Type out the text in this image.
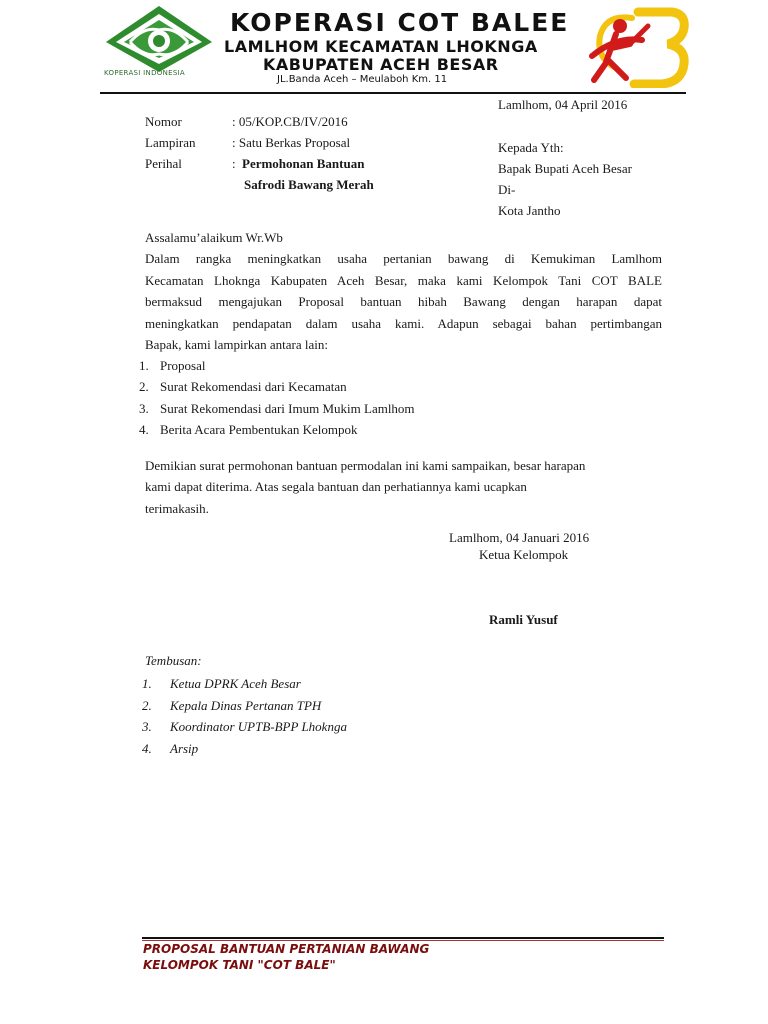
KOPERASI INDONESIA
KOPERASI COT BALEE
LAMLHOM KECAMATAN LHOKNGA
KABUPATEN ACEH BESAR
JL.Banda Aceh – Meulaboh Km. 11
Lamlhom, 04 April 2016
Nomor	: 05/KOP.CB/IV/2016
Lampiran	: Satu Berkas Proposal
Perihal	: Permohonan Bantuan
Safrodi Bawang Merah
Kepada Yth:
Bapak Bupati Aceh Besar
Di-
Kota Jantho
Assalamu’alaikum Wr.Wb
Dalam rangka meningkatkan usaha pertanian bawang di Kemukiman Lamlhom
Kecamatan Lhoknga Kabupaten Aceh Besar, maka kami Kelompok Tani COT BALE
bermaksud mengajukan Proposal bantuan hibah Bawang dengan harapan dapat
meningkatkan pendapatan dalam usaha kami. Adapun sebagai bahan pertimbangan
Bapak, kami lampirkan antara lain:
1. Proposal
2. Surat Rekomendasi dari Kecamatan
3. Surat Rekomendasi dari Imum Mukim Lamlhom
4. Berita Acara Pembentukan Kelompok
Demikian surat permohonan bantuan permodalan ini kami sampaikan, besar harapan
kami dapat diterima. Atas segala bantuan dan perhatiannya kami ucapkan
terimakasih.
Lamlhom, 04 Januari 2016
Ketua Kelompok
Ramli Yusuf
Tembusan:
1. Ketua DPRK Aceh Besar
2. Kepala Dinas Pertanan TPH
3. Koordinator UPTB-BPP Lhoknga
4. Arsip
PROPOSAL BANTUAN PERTANIAN BAWANG
KELOMPOK TANI "COT BALE"
